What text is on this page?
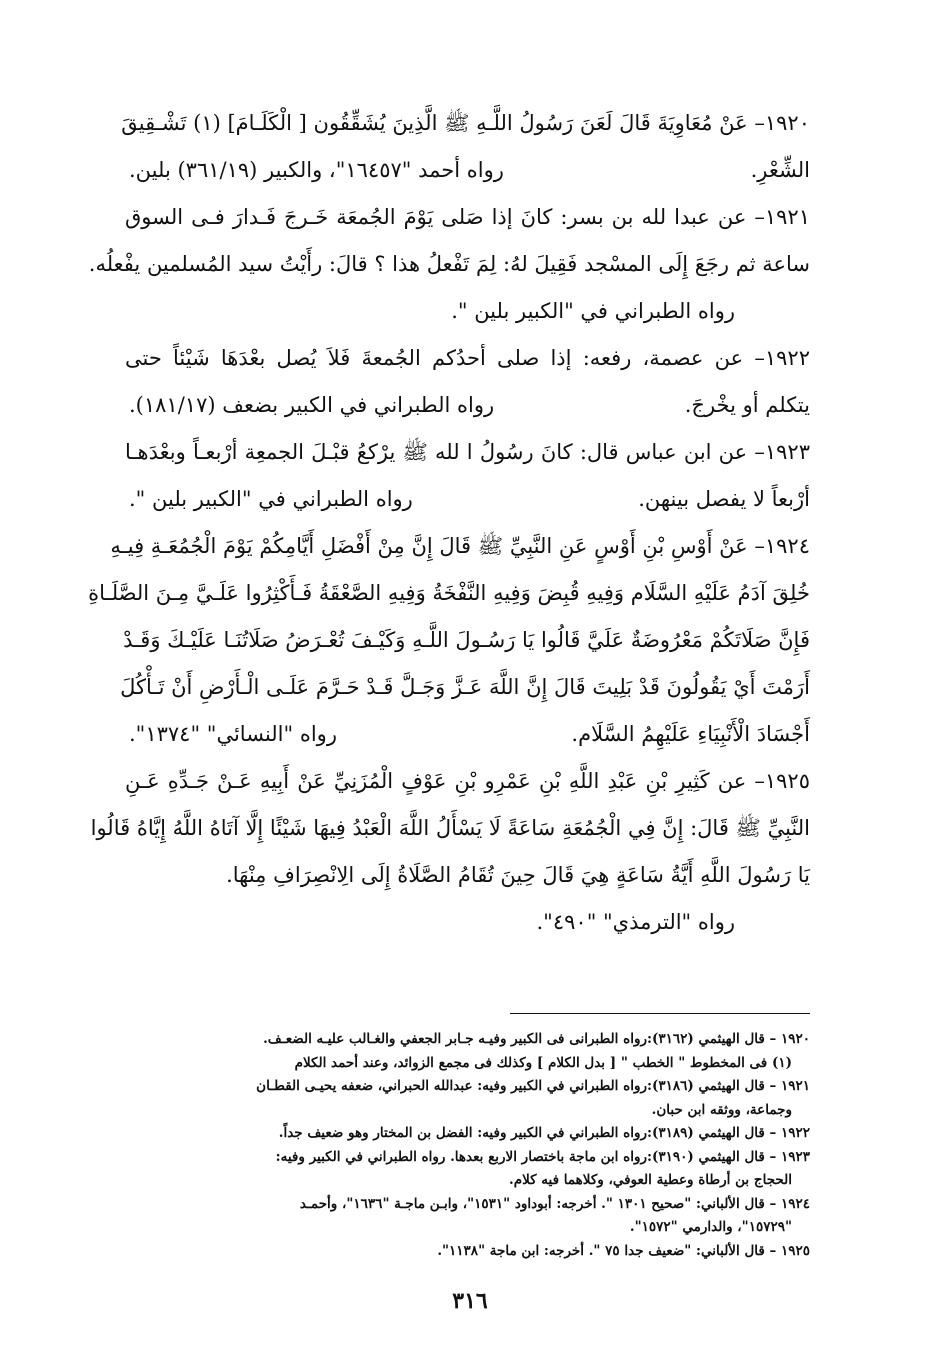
١٩٢٠– عَنْ مُعَاوِيَةَ قَالَ لَعَنَ رَسُولُ اللَّـهِ ﷺ الَّذِينَ يُشَقِّقُون [ الْكَلَـامَ] (١) تَشْـقِيقَ
الشِّعْرِ.
رواه أحمد "١٦٤٥٧"، والكبير (٣٦١/١٩) بلين.
١٩٢١– عن عبدا لله بن بسر: كانَ إذا صَلى يَوْمَ الجُمعَة خَـرجَ فَـدارَ فـى السوق
ساعة ثم رجَعَ إِلَى المسْجد فَقِيلَ لهُ: لِمَ تَفْعلُ هذا ؟ قالَ: رأَيْتُ سيد المُسلمين يفْعلُه.
رواه الطبراني في "الكبير بلين ".
١٩٢٢– عن عصمة، رفعه: إذا صلى أحدُكم الجُمعةَ فَلاَ يُصل بعْدَهَا شَيْئاً حتى
يتكلم أو يخْرجَ.
رواه الطبراني في الكبير بضعف (١٨١/١٧).
١٩٢٣– عن ابن عباس قال: كانَ رسُولُ ا لله ﷺ يرْكعُ قبْـلَ الجمعِة أرْبعـاً وبعْدَهـا
أرْبعاً لا يفصل بينهن.
رواه الطبراني في "الكبير بلين ".
١٩٢٤– عَنْ أَوْسِ بْنِ أَوْسٍ عَنِ النَّبِيِّ ﷺ قَالَ إِنَّ مِنْ أَفْضَلِ أَيَّامِكُمْ يَوْمَ الْجُمُعَـةِ فِيـهِ
خُلِقَ آدَمُ عَلَيْهِ السَّلَام وَفِيهِ قُبِضَ وَفِيهِ النَّفْخَةُ وَفِيهِ الصَّعْقَةُ فَـأَكْثِرُوا عَلَـيَّ مِـنَ الصَّلَـاةِ
فَإِنَّ صَلَاتَكُمْ مَعْرُوضَةٌ عَلَيَّ قَالُوا يَا رَسُـولَ اللَّـهِ وَكَيْـفَ تُعْـرَضُ صَلَاتُنَـا عَلَيْـكَ وَقَـدْ
أَرَمْتَ أَيْ يَقُولُونَ قَدْ بَلِيتَ قَالَ إِنَّ اللَّهَ عَـزَّ وَجَـلَّ قَـدْ حَـرَّمَ عَلَـى الْـأَرْضِ أَنْ تَـأْكُلَ
أَجْسَادَ الْأَنْبِيَاءِ عَلَيْهِمُ السَّلَام.
رواه "النسائي" "١٣٧٤".
١٩٢٥– عن كَثِيرِ بْنِ عَبْدِ اللَّهِ بْنِ عَمْرِو بْنِ عَوْفٍ الْمُزَنِيِّ عَنْ أَبِيهِ عَـنْ جَـدِّهِ عَـنِ
النَّبِيِّ ﷺ قَالَ: إِنَّ فِي الْجُمُعَةِ سَاعَةً لَا يَسْأَلُ اللَّهَ الْعَبْدُ فِيهَا شَيْئًا إِلَّا آتَاهُ اللَّهُ إِيَّاهُ قَالُوا
يَا رَسُولَ اللَّهِ أَيَّةُ سَاعَةٍ هِيَ قَالَ حِينَ تُقَامُ الصَّلَاةُ إِلَى الِانْصِرَافِ مِنْهَا.
رواه "الترمذي" "٤٩٠".
١٩٢٠ – قال الهيثمي (٣١٦٢):رواه الطبرانى فى الكبير وفيـه جـابر الجعفي والغـالب عليـه الضعـف.
(١) فى المخطوط " الخطب " [ بدل الكلام ] وكذلك فى مجمع الزوائد، وعند أحمد الكلام
١٩٢١ – قال الهيثمي (٣١٨٦):رواه الطبراني في الكبير وفيه: عبدالله الحبراني، ضعفه يحيـى القطـان
وجماعة، ووثقه ابن حبان.
١٩٢٢ – قال الهيثمي (٣١٨٩):رواه الطبراني في الكبير وفيه: الفضل بن المختار وهو ضعيف جداً.
١٩٢٣ – قال الهيثمي (٣١٩٠):رواه ابن ماجة باختصار الاربع بعدها. رواه الطبراني في الكبير وفيه:
الحجاج بن أرطاة وعطية العوفي، وكلاهما فيه كلام.
١٩٢٤ – قال الألباني: "صحيح ١٣٠١ ". أخرجه: أبوداود "١٥٣١"، وابـن ماجـة "١٦٣٦"، وأحمـد
"١٥٧٢٩"، والدارمي "١٥٧٢".
١٩٢٥ – قال الألباني: "ضعيف جدا ٧٥ ". أخرجه: ابن ماجة "١١٣٨".
٣١٦
